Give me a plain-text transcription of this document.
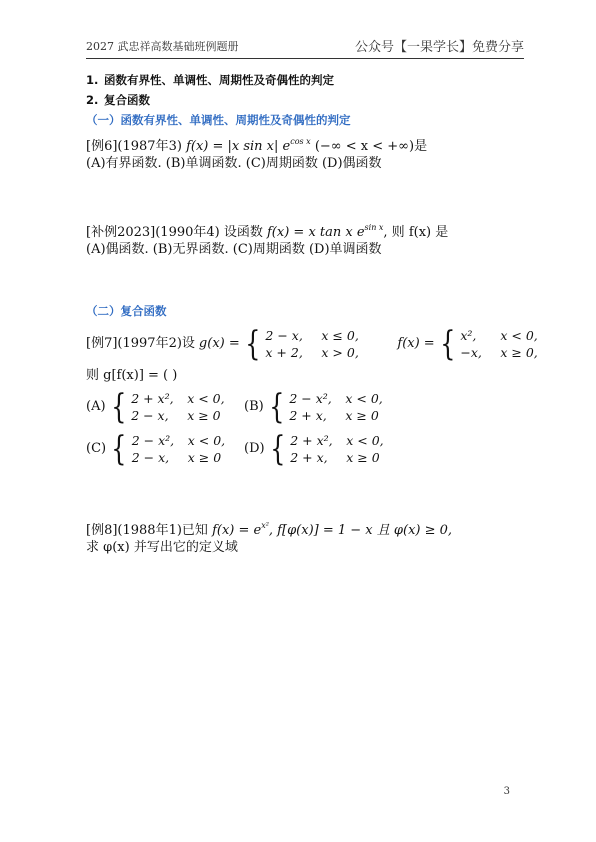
2027 武忠祥高数基础班例题册	公众号【一果学长】免费分享
1. 函数有界性、单调性、周期性及奇偶性的判定
2. 复合函数
（一）函数有界性、单调性、周期性及奇偶性的判定
[例6](1987年3) f(x) = |x sin x| $e^{cos x}$ (−∞ < x < +∞)是
(A)有界函数. (B)单调函数. (C)周期函数 (D)偶函数
[补例2023](1990年4) 设函数 f(x) = x tan x $e^{sin x}$, 则 f(x) 是
(A)偶函数. (B)无界函数. (C)周期函数 (D)单调函数
（二）复合函数
[例7](1997年2)设 g(x) = { 2 − x,	x ≤ 0,
x + 2,	x > 0,
f(x) = { x²,	x < 0,
−x,	x ≥ 0,
则 g[f(x)] = ( )
(A) { 2 + x²,	x < 0,
2 − x,	x ≥ 0
(B) { 2 − x²,	x < 0,
2 + x,	x ≥ 0
(C) { 2 − x²,	x < 0,
2 − x,	x ≥ 0
(D) { 2 + x²,	x < 0,
2 + x,	x ≥ 0
[例8](1988年1)已知 $f(x) = e^{x^2}$, f[φ(x)] = 1 − x 且 φ(x) ≥ 0,
求 φ(x) 并写出它的定义域
3
